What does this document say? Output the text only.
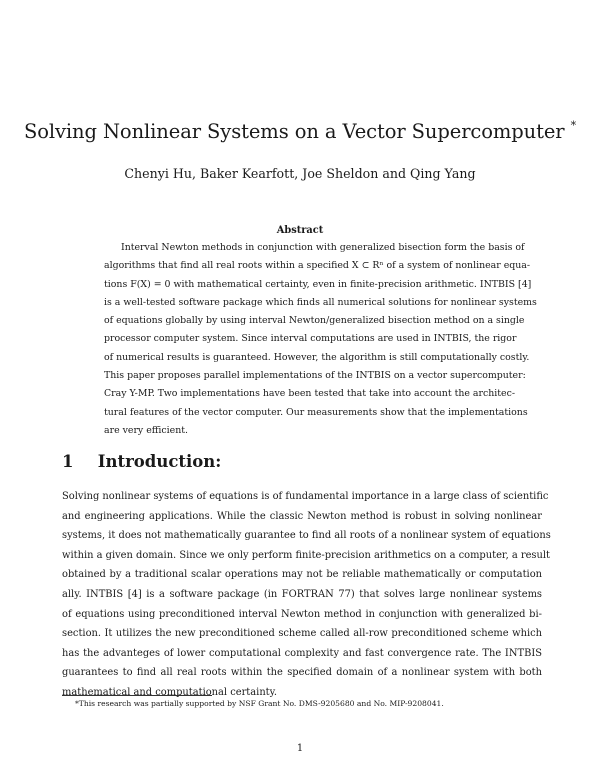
Solving Nonlinear Systems on a Vector Supercomputer *
Chenyi Hu, Baker Kearfott, Joe Sheldon and Qing Yang
Abstract
Interval Newton methods in conjunction with generalized bisection form the basis of
algorithms that find all real roots within a specified X ⊂ Rⁿ of a system of nonlinear equa-
tions F(X) = 0 with mathematical certainty, even in finite-precision arithmetic. INTBIS [4]
is a well-tested software package which finds all numerical solutions for nonlinear systems
of equations globally by using interval Newton/generalized bisection method on a single
processor computer system. Since interval computations are used in INTBIS, the rigor
of numerical results is guaranteed. However, the algorithm is still computationally costly.
This paper proposes parallel implementations of the INTBIS on a vector supercomputer:
Cray Y-MP. Two implementations have been tested that take into account the architec-
tural features of the vector computer. Our measurements show that the implementations
are very efficient.
1 Introduction:
Solving nonlinear systems of equations is of fundamental importance in a large class of scientific
and engineering applications. While the classic Newton method is robust in solving nonlinear
systems, it does not mathematically guarantee to find all roots of a nonlinear system of equations
within a given domain. Since we only perform finite-precision arithmetics on a computer, a result
obtained by a traditional scalar operations may not be reliable mathematically or computation
ally. INTBIS [4] is a software package (in FORTRAN 77) that solves large nonlinear systems
of equations using preconditioned interval Newton method in conjunction with generalized bi-
section. It utilizes the new preconditioned scheme called all-row preconditioned scheme which
has the advanteges of lower computational complexity and fast convergence rate. The INTBIS
guarantees to find all real roots within the specified domain of a nonlinear system with both
mathematical and computational certainty.
*This research was partially supported by NSF Grant No. DMS-9205680 and No. MIP-9208041.
1
